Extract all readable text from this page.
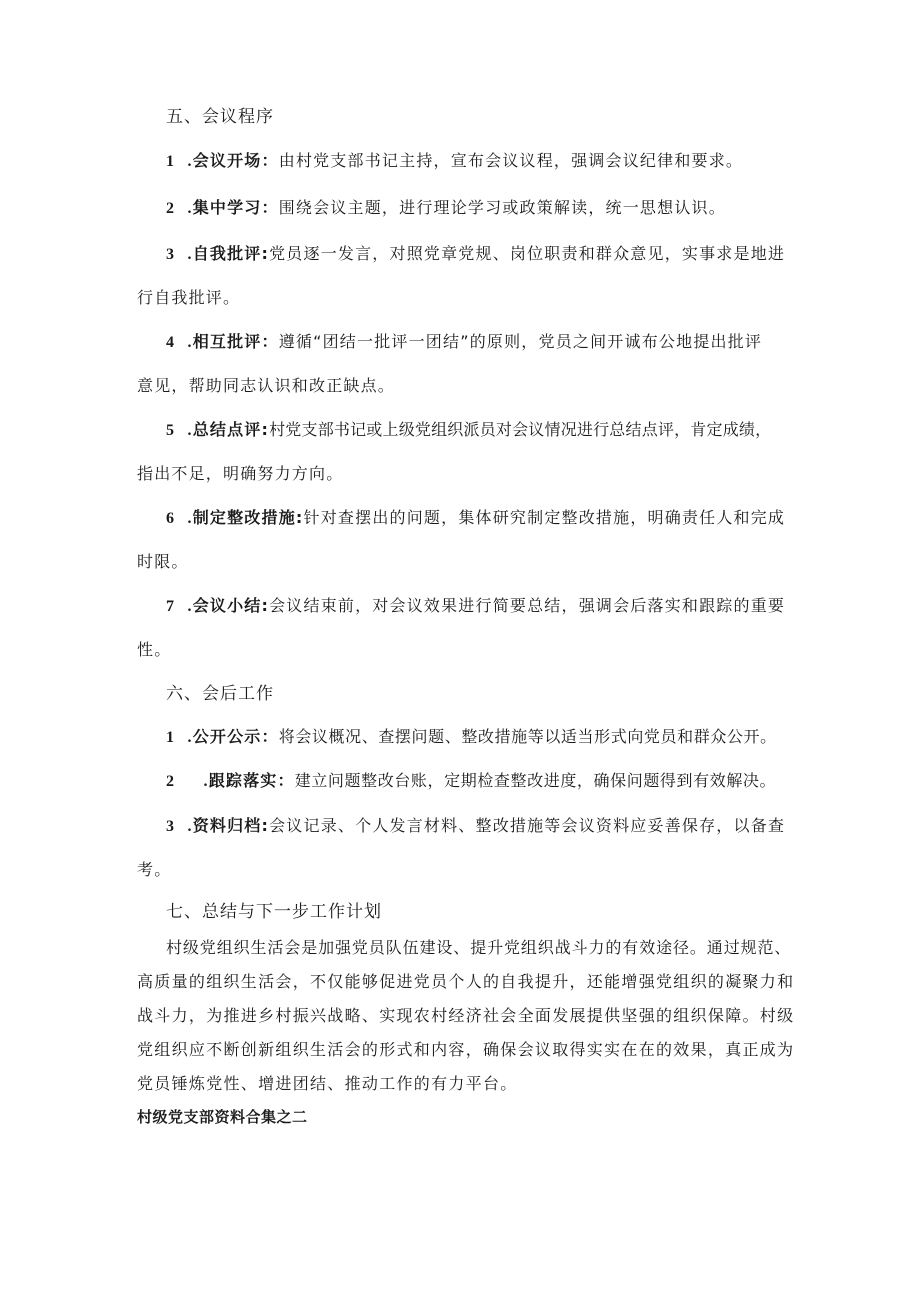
五、会议程序
1 .会议开场：由村党支部书记主持，宣布会议议程，强调会议纪律和要求。
2 .集中学习：围绕会议主题，进行理论学习或政策解读，统一思想认识。
3 .自我批评:党员逐一发言，对照党章党规、岗位职责和群众意见，实事求是地进
行自我批评。
4 .相互批评：遵循“团结一批评一团结”的原则，党员之间开诚布公地提出批评
意见，帮助同志认识和改正缺点。
5 .总结点评:村党支部书记或上级党组织派员对会议情况进行总结点评，肯定成绩，
指出不足，明确努力方向。
6 .制定整改措施:针对查摆出的问题，集体研究制定整改措施，明确责任人和完成
时限。
7 .会议小结:会议结束前，对会议效果进行简要总结，强调会后落实和跟踪的重要
性。
六、会后工作
1 .公开公示：将会议概况、查摆问题、整改措施等以适当形式向党员和群众公开。
2 .跟踪落实：建立问题整改台账，定期检查整改进度，确保问题得到有效解决。
3 .资料归档:会议记录、个人发言材料、整改措施等会议资料应妥善保存，以备查
考。
七、总结与下一步工作计划
村级党组织生活会是加强党员队伍建设、提升党组织战斗力的有效途径。通过规范、
高质量的组织生活会，不仅能够促进党员个人的自我提升，还能增强党组织的凝聚力和
战斗力，为推进乡村振兴战略、实现农村经济社会全面发展提供坚强的组织保障。村级
党组织应不断创新组织生活会的形式和内容，确保会议取得实实在在的效果，真正成为
党员锤炼党性、增进团结、推动工作的有力平台。
村级党支部资料合集之二
